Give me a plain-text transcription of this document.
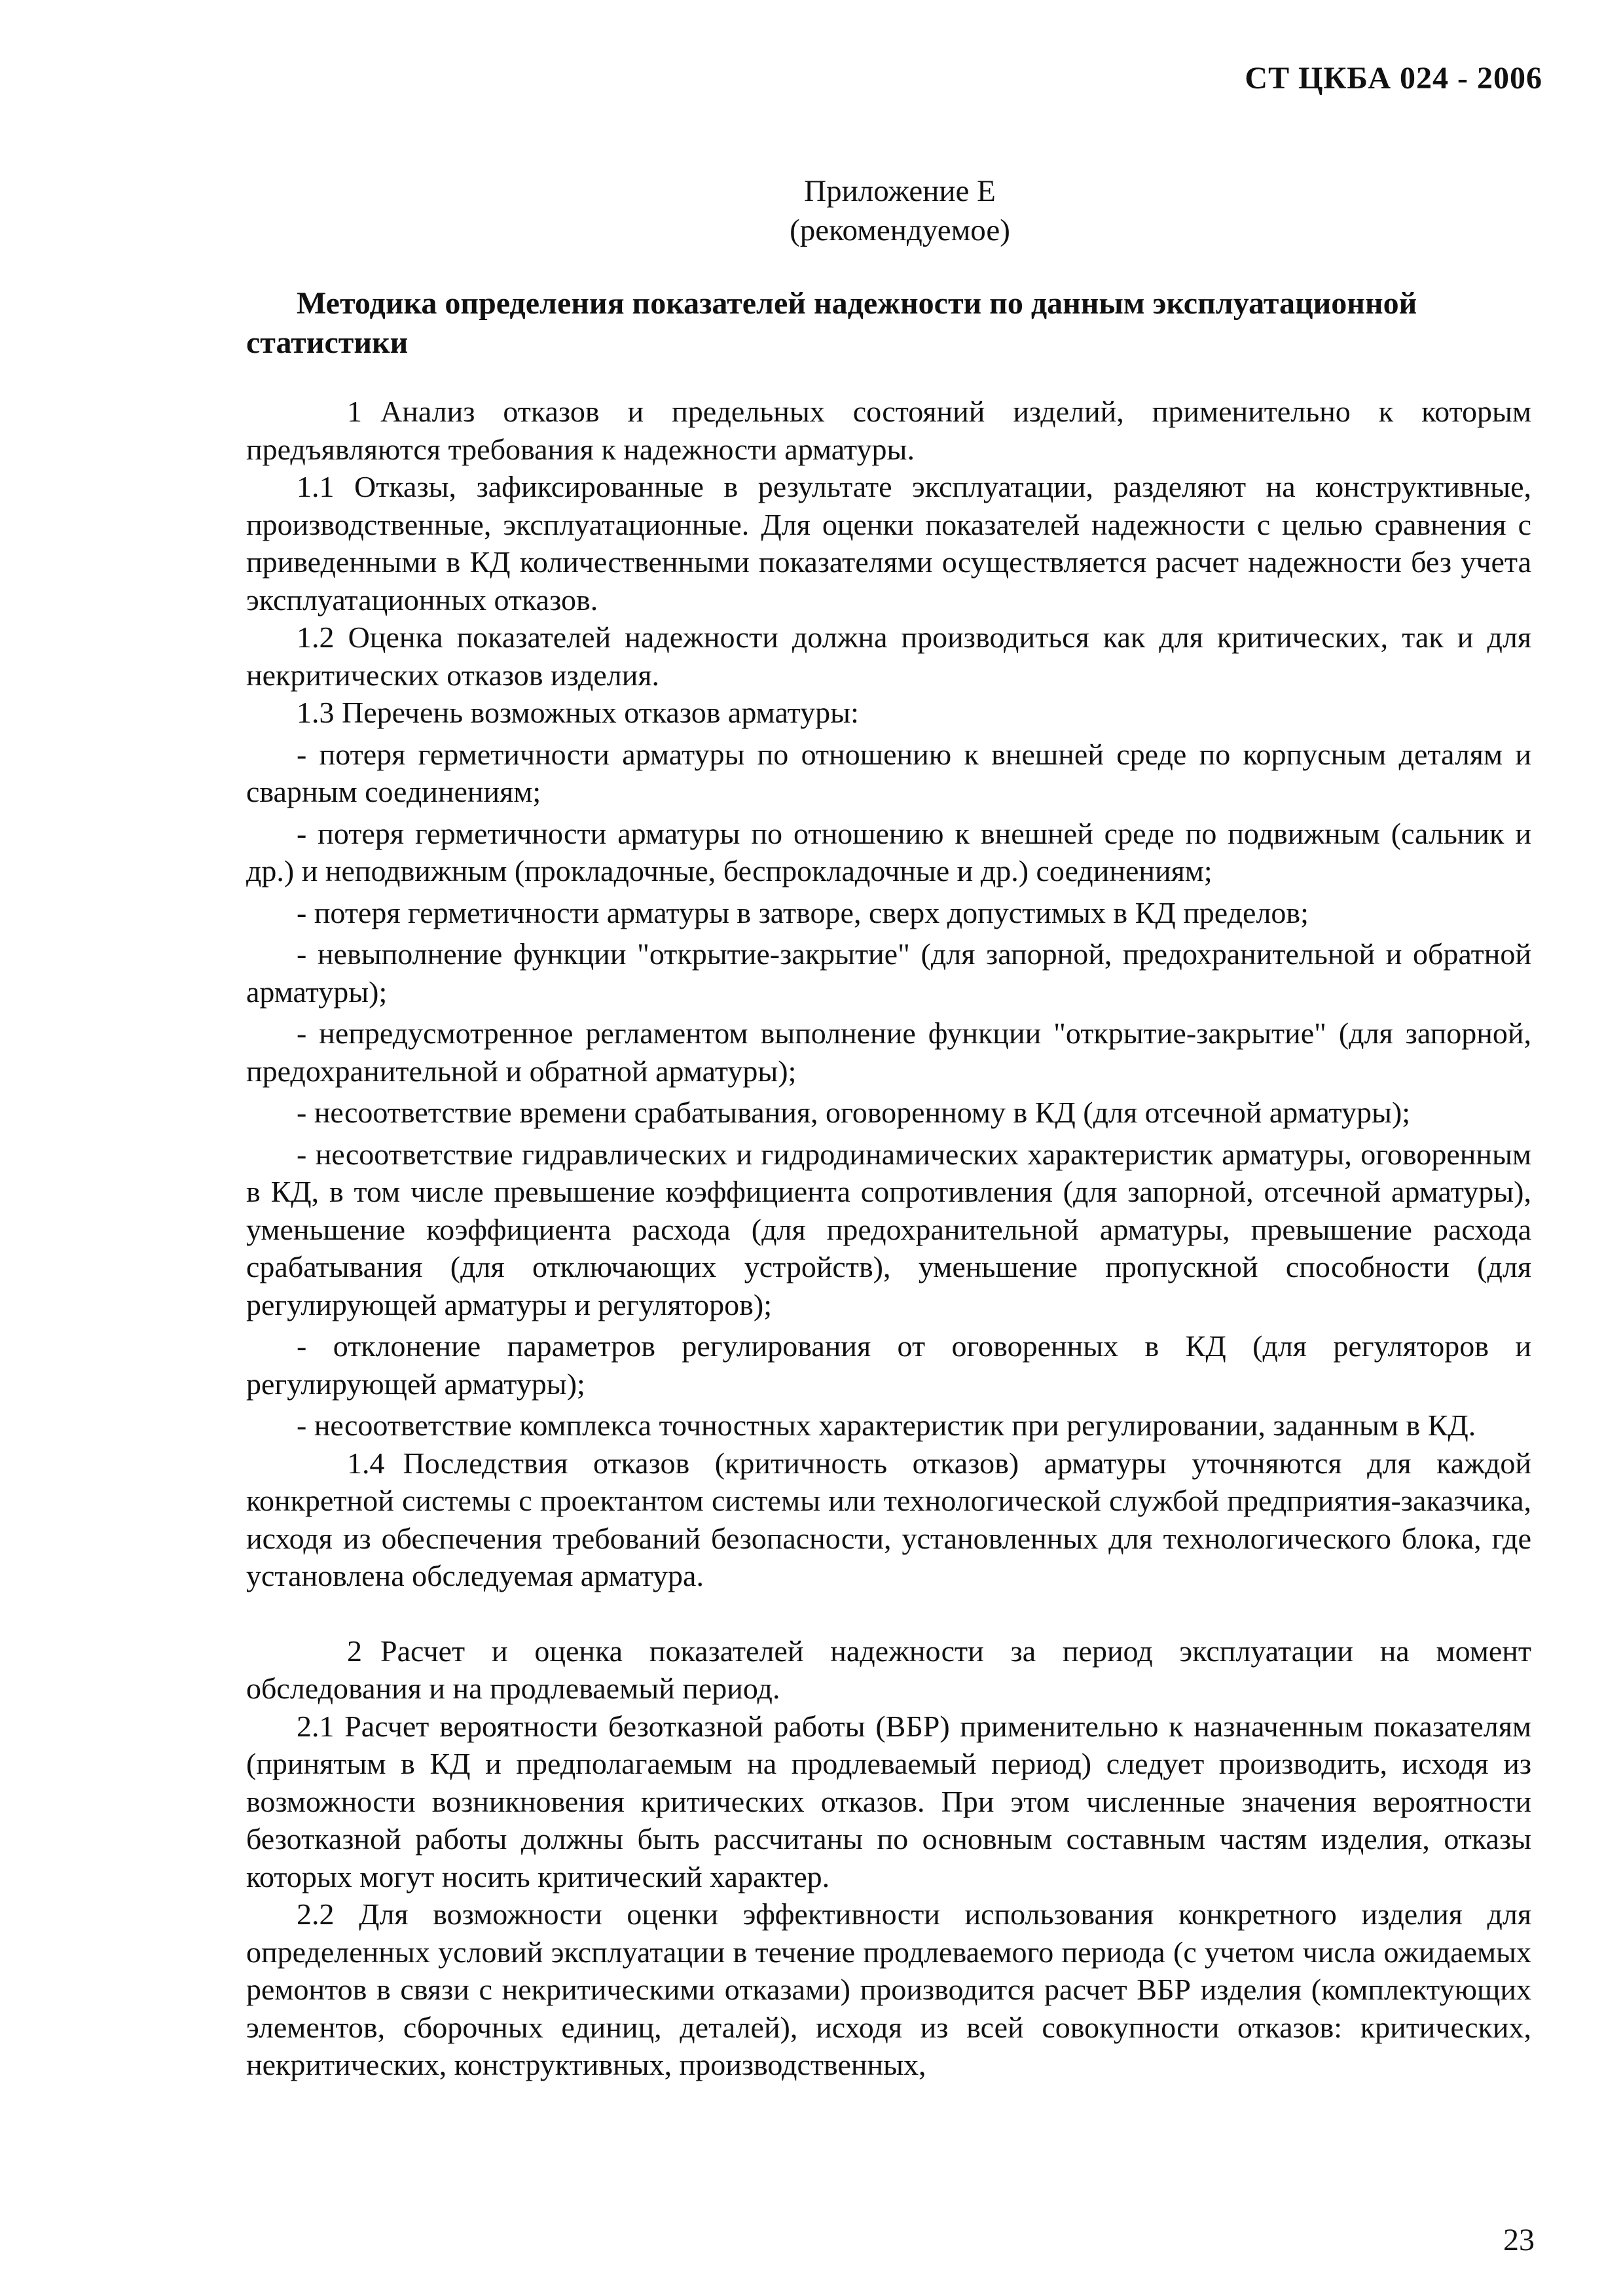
СТ ЦКБА 024 - 2006
Приложение Е
(рекомендуемое)
Методика определения показателей надежности по данным эксплуатационной
статистики

1 Анализ отказов и предельных состояний изделий, применительно к которым предъявляются требования к надежности арматуры.

1.1 Отказы, зафиксированные в результате эксплуатации, разделяют на конструктивные, производственные, эксплуатационные. Для оценки показателей надежности с целью сравнения с приведенными в КД количественными показателями осуществляется расчет надежности без учета эксплуатационных отказов.

1.2 Оценка показателей надежности должна производиться как для критических, так и для некритических отказов изделия.

1.3 Перечень возможных отказов арматуры:

- потеря герметичности арматуры по отношению к внешней среде по корпусным деталям и сварным соединениям;

- потеря герметичности арматуры по отношению к внешней среде по подвижным (сальник и др.) и неподвижным (прокладочные, беспрокладочные и др.) соединениям;

- потеря герметичности арматуры в затворе, сверх допустимых в КД пределов;

- невыполнение функции "открытие-закрытие" (для запорной, предохранительной и обратной арматуры);

- непредусмотренное регламентом выполнение функции "открытие-закрытие" (для запорной, предохранительной и обратной арматуры);

- несоответствие времени срабатывания, оговоренному в КД (для отсечной арматуры);

- несоответствие гидравлических и гидродинамических характеристик арматуры, оговоренным в КД, в том числе превышение коэффициента сопротивления (для запорной, отсечной арматуры), уменьшение коэффициента расхода (для предохранительной арматуры, превышение расхода срабатывания (для отключающих устройств), уменьшение пропускной способности (для регулирующей арматуры и регуляторов);

- отклонение параметров регулирования от оговоренных в КД (для регуляторов и регулирующей арматуры);

- несоответствие комплекса точностных характеристик при регулировании, заданным в КД.

1.4 Последствия отказов (критичность отказов) арматуры уточняются для каждой конкретной системы с проектантом системы или технологической службой предприятия-заказчика, исходя из обеспечения требований безопасности, установленных для технологического блока, где установлена обследуемая арматура.

2 Расчет и оценка показателей надежности за период эксплуатации на момент обследования и на продлеваемый период.

2.1 Расчет вероятности безотказной работы (ВБР) применительно к назначенным показателям (принятым в КД и предполагаемым на продлеваемый период) следует производить, исходя из возможности возникновения критических отказов. При этом численные значения вероятности безотказной работы должны быть рассчитаны по основным составным частям изделия, отказы которых могут носить критический характер.

2.2 Для возможности оценки эффективности использования конкретного изделия для определенных условий эксплуатации в течение продлеваемого периода (с учетом числа ожидаемых ремонтов в связи с некритическими отказами) производится расчет ВБР изделия (комплектующих элементов, сборочных единиц, деталей), исходя из всей совокупности отказов: критических, некритических, конструктивных, производственных,

23
